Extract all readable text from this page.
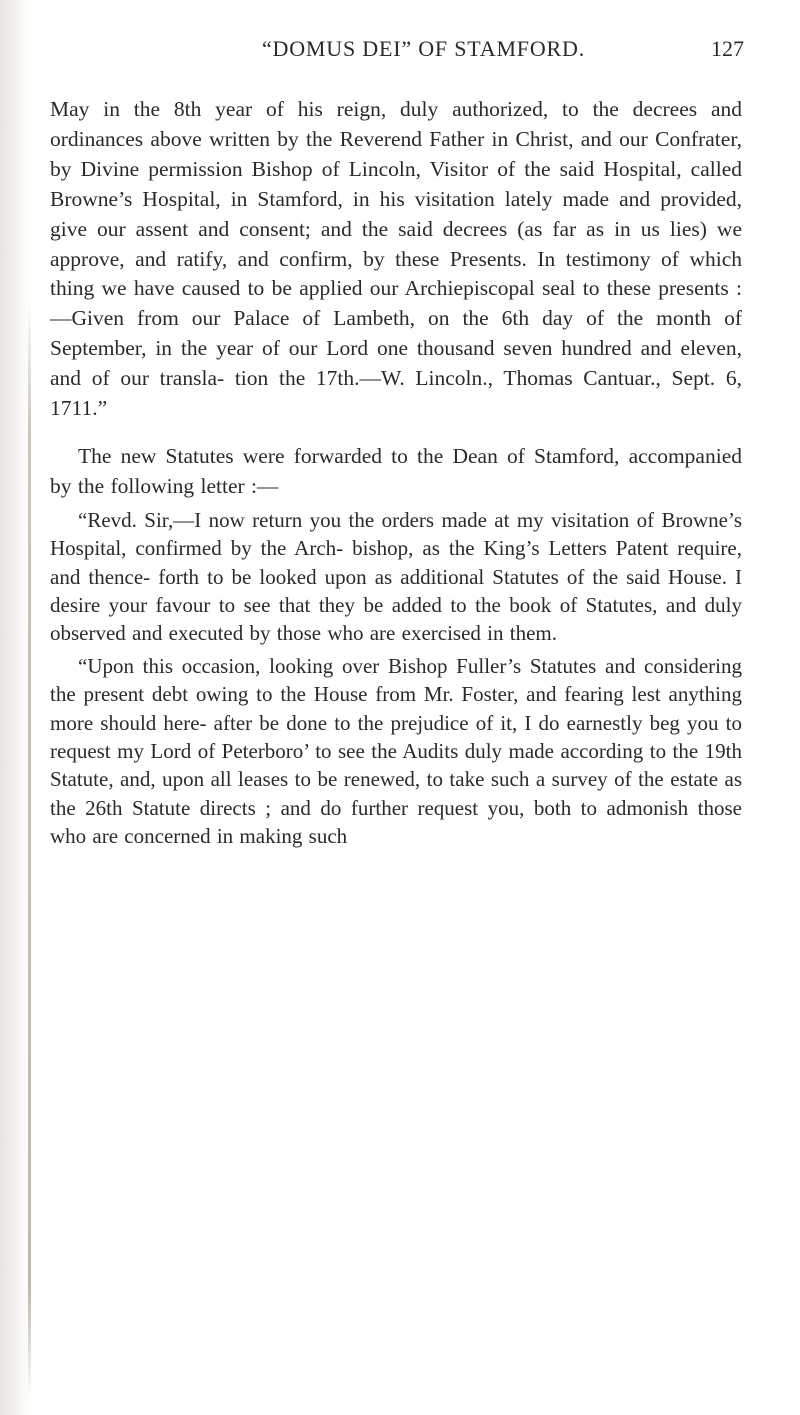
“DOMUS DEI” OF STAMFORD.	127

May in the 8th year of his reign, duly authorized, to the decrees and ordinances above written by the Reverend Father in Christ, and our Confrater, by Divine permission Bishop of Lincoln, Visitor of the said Hospital, called Browne’s Hospital, in Stamford, in his visitation lately made and provided, give our assent and consent; and the said decrees (as far as in us lies) we approve, and ratify, and confirm, by these Presents. In testimony of which thing we have caused to be applied our Archiepiscopal seal to these presents :—Given from our Palace of Lambeth, on the 6th day of the month of September, in the year of our Lord one thousand seven hundred and eleven, and of our transla- tion the 17th.—W. Lincoln., Thomas Cantuar., Sept. 6, 1711.”

The new Statutes were forwarded to the Dean of Stamford, accompanied by the following letter :—

“Revd. Sir,—I now return you the orders made at my visitation of Browne’s Hospital, confirmed by the Arch- bishop, as the King’s Letters Patent require, and thence- forth to be looked upon as additional Statutes of the said House. I desire your favour to see that they be added to the book of Statutes, and duly observed and executed by those who are exercised in them.

“Upon this occasion, looking over Bishop Fuller’s Statutes and considering the present debt owing to the House from Mr. Foster, and fearing lest anything more should here- after be done to the prejudice of it, I do earnestly beg you to request my Lord of Peterboro’ to see the Audits duly made according to the 19th Statute, and, upon all leases to be renewed, to take such a survey of the estate as the 26th Statute directs ; and do further request you, both to admonish those who are concerned in making such
